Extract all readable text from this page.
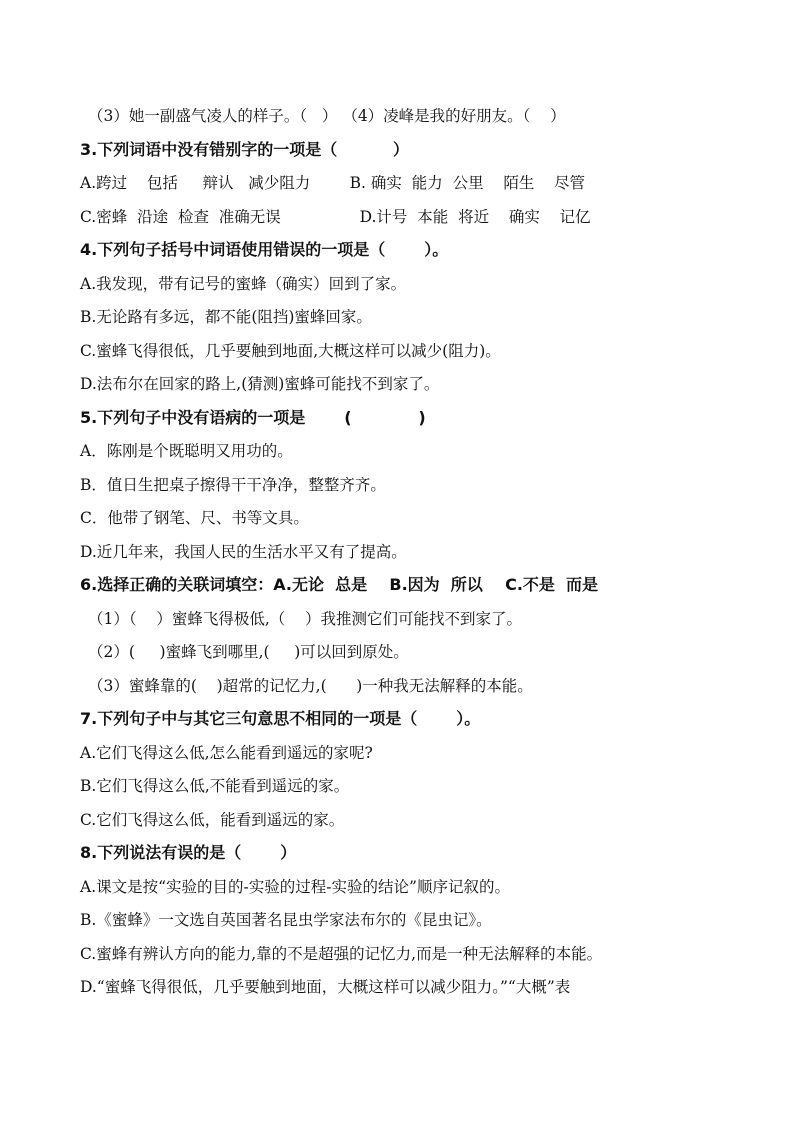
（3）她一副盛气凌人的样子。（   ） （4）凌峰是我的好朋友。（    ）
3.下列词语中没有错别字的一项是（          ）
A.跨过    包括     辩认   减少阻力        B. 确实  能力  公里    陌生    尽管
C.密蜂  沿途  检查  准确无误                D.计号  本能  将近    确实    记亿
4.下列句子括号中词语使用错误的一项是（       ）。
A.我发现，带有记号的蜜蜂（确实）回到了家。
B.无论路有多远，都不能(阻挡)蜜蜂回家。
C.蜜蜂飞得很低，几乎要触到地面,大概这样可以减少(阻力)。
D.法布尔在回家的路上,(猜测)蜜蜂可能找不到家了。
5.下列句子中没有语病的一项是       (            )
A．陈刚是个既聪明又用功的。
B．值日生把桌子擦得干干净净，整整齐齐。
C．他带了钢笔、尺、书等文具。
D.近几年来，我国人民的生活水平又有了提高。
6.选择正确的关联词填空：A.无论  总是    B.因为  所以    C.不是  而是
（1）（    ）蜜蜂飞得极低,（    ）我推测它们可能找不到家了。
（2）(     )蜜蜂飞到哪里,(     )可以回到原处。
（3）蜜蜂靠的(    )超常的记忆力,(      )一种我无法解释的本能。
7.下列句子中与其它三句意思不相同的一项是（       ）。
A.它们飞得这么低,怎么能看到遥远的家呢?
B.它们飞得这么低,不能看到遥远的家。
C.它们飞得这么低，能看到遥远的家。
8.下列说法有误的是（       ）
A.课文是按“实验的目的-实验的过程-实验的结论”顺序记叙的。
B.《蜜蜂》一文选自英国著名昆虫学家法布尔的《昆虫记》。
C.蜜蜂有辨认方向的能力,靠的不是超强的记忆力,而是一种无法解释的本能。
D.“蜜蜂飞得很低，几乎要触到地面，大概这样可以减少阻力。”“大概”表
